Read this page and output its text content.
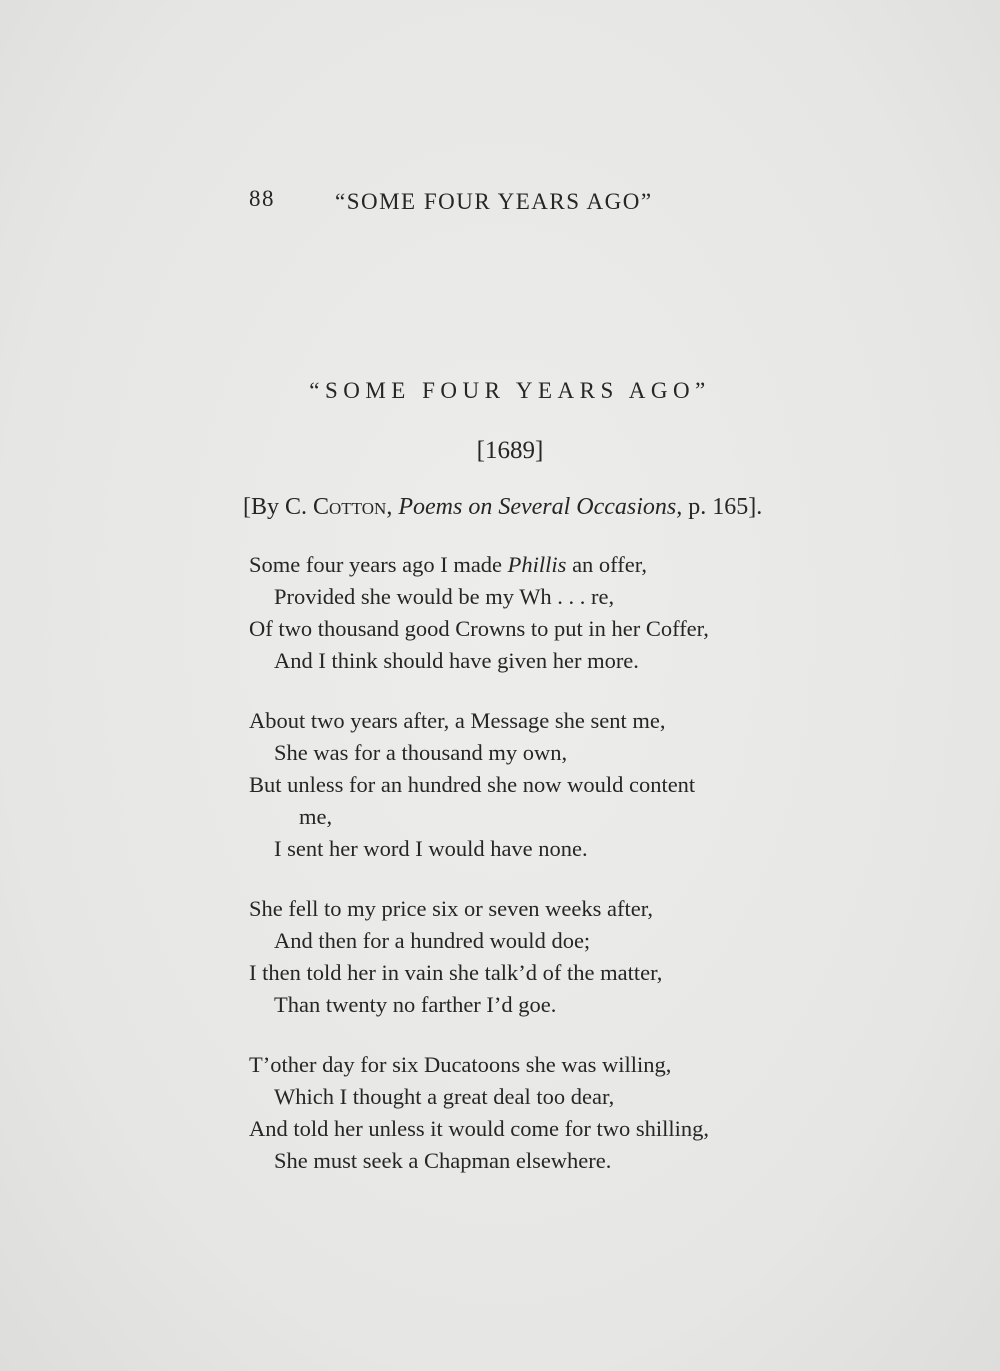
88	“SOME FOUR YEARS AGO”
“SOME FOUR YEARS AGO”
[1689]
[By C. Cotton, Poems on Several Occasions, p. 165].
Some four years ago I made Phillis an offer,
Provided she would be my Wh . . . re,
Of two thousand good Crowns to put in her Coffer,
And I think should have given her more.
About two years after, a Message she sent me,
She was for a thousand my own,
But unless for an hundred she now would content
me,
I sent her word I would have none.
She fell to my price six or seven weeks after,
And then for a hundred would doe;
I then told her in vain she talk’d of the matter,
Than twenty no farther I’d goe.
T’other day for six Ducatoons she was willing,
Which I thought a great deal too dear,
And told her unless it would come for two shilling,
She must seek a Chapman elsewhere.
